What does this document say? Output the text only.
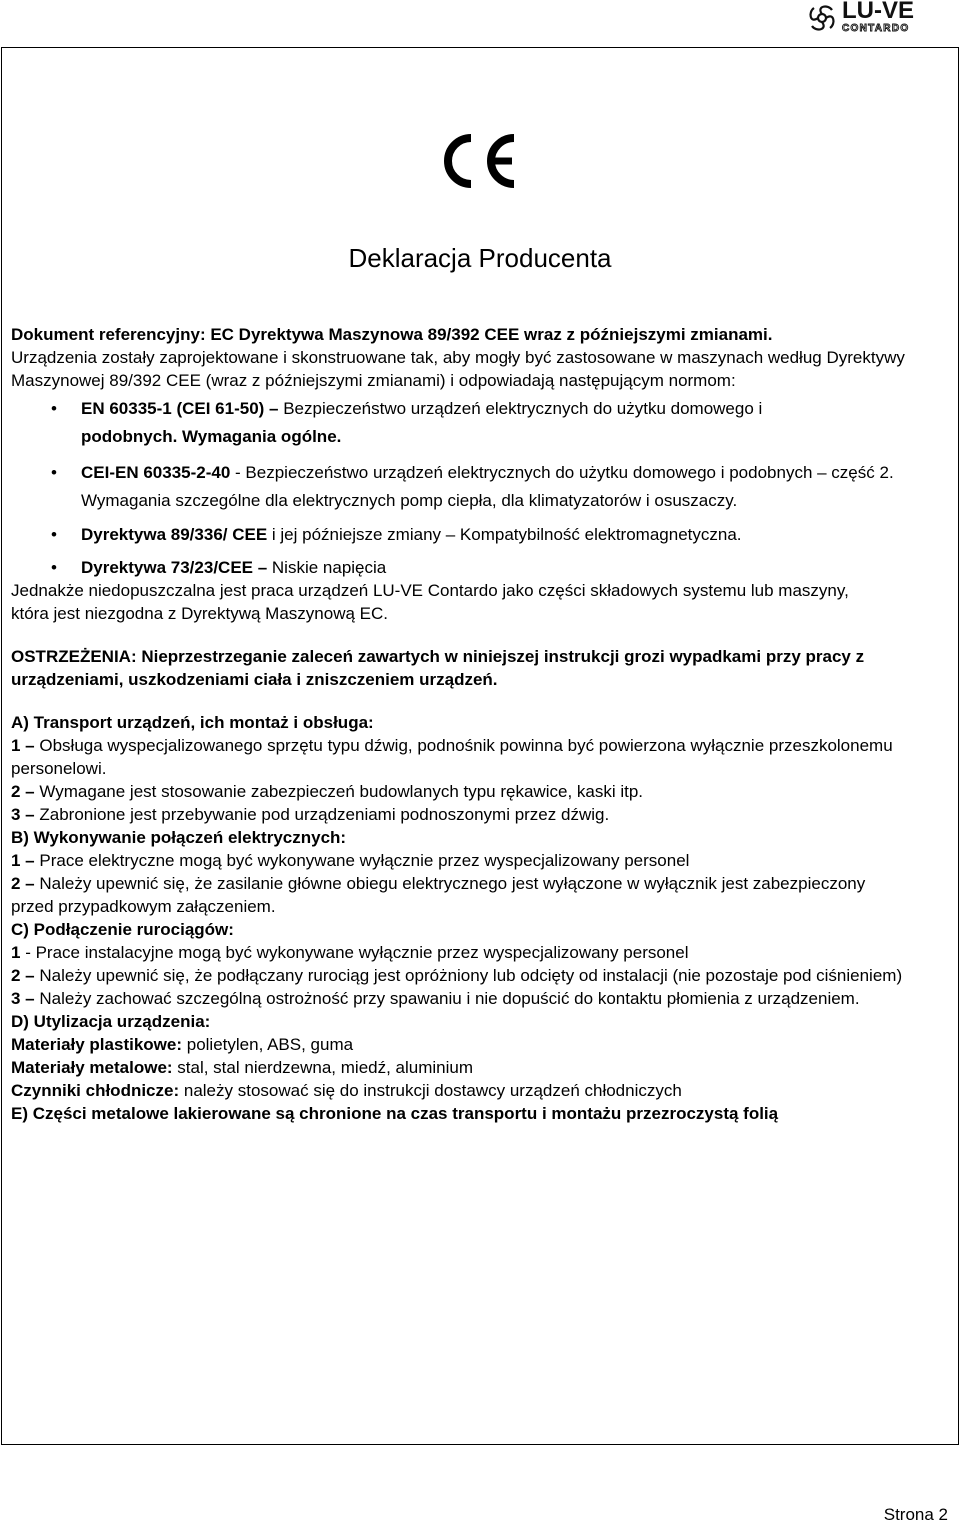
LU-VE
CONTARDO
Deklaracja Producenta

Dokument referencyjny: EC Dyrektywa Maszynowa 89/392 CEE wraz z późniejszymi zmianami.

Urządzenia zostały zaprojektowane i skonstruowane tak, aby mogły być zastosowane w maszynach według Dyrektywy Maszynowej 89/392 CEE (wraz z późniejszymi zmianami) i odpowiadają następującym normom:

• EN 60335-1 (CEI 61-50) – Bezpieczeństwo urządzeń elektrycznych do użytku domowego i
podobnych. Wymagania ogólne.
• CEI-EN 60335-2-40 - Bezpieczeństwo urządzeń elektrycznych do użytku domowego i podobnych – część 2. Wymagania szczególne dla elektrycznych pomp ciepła, dla klimatyzatorów i osuszaczy.
• Dyrektywa 89/336/ CEE i jej późniejsze zmiany – Kompatybilność elektromagnetyczna.
• Dyrektywa 73/23/CEE – Niskie napięcia

Jednakże niedopuszczalna jest praca urządzeń LU-VE Contardo jako części składowych systemu lub maszyny,

która jest niezgodna z Dyrektywą Maszynową EC.

OSTRZEŻENIA: Nieprzestrzeganie zaleceń zawartych w niniejszej instrukcji grozi wypadkami przy pracy z urządzeniami, uszkodzeniami ciała i zniszczeniem urządzeń.

A) Transport urządzeń, ich montaż i obsługa:

1 – Obsługa wyspecjalizowanego sprzętu typu dźwig, podnośnik powinna być powierzona wyłącznie przeszkolonemu personelowi.

2 – Wymagane jest stosowanie zabezpieczeń budowlanych typu rękawice, kaski itp.

3 – Zabronione jest przebywanie pod urządzeniami podnoszonymi przez dźwig.

B) Wykonywanie połączeń elektrycznych:

1 – Prace elektryczne mogą być wykonywane wyłącznie przez wyspecjalizowany personel

2 – Należy upewnić się, że zasilanie główne obiegu elektrycznego jest wyłączone w wyłącznik jest zabezpieczony

przed przypadkowym załączeniem.

C) Podłączenie rurociągów:

1 - Prace instalacyjne mogą być wykonywane wyłącznie przez wyspecjalizowany personel

2 – Należy upewnić się, że podłączany rurociąg jest opróżniony lub odcięty od instalacji (nie pozostaje pod ciśnieniem)

3 – Należy zachować szczególną ostrożność przy spawaniu i nie dopuścić do kontaktu płomienia z urządzeniem.

D) Utylizacja urządzenia:

Materiały plastikowe: polietylen, ABS, guma

Materiały metalowe: stal, stal nierdzewna, miedź, aluminium

Czynniki chłodnicze: należy stosować się do instrukcji dostawcy urządzeń chłodniczych

E) Części metalowe lakierowane są chronione na czas transportu i montażu przezroczystą folią

Strona 2
